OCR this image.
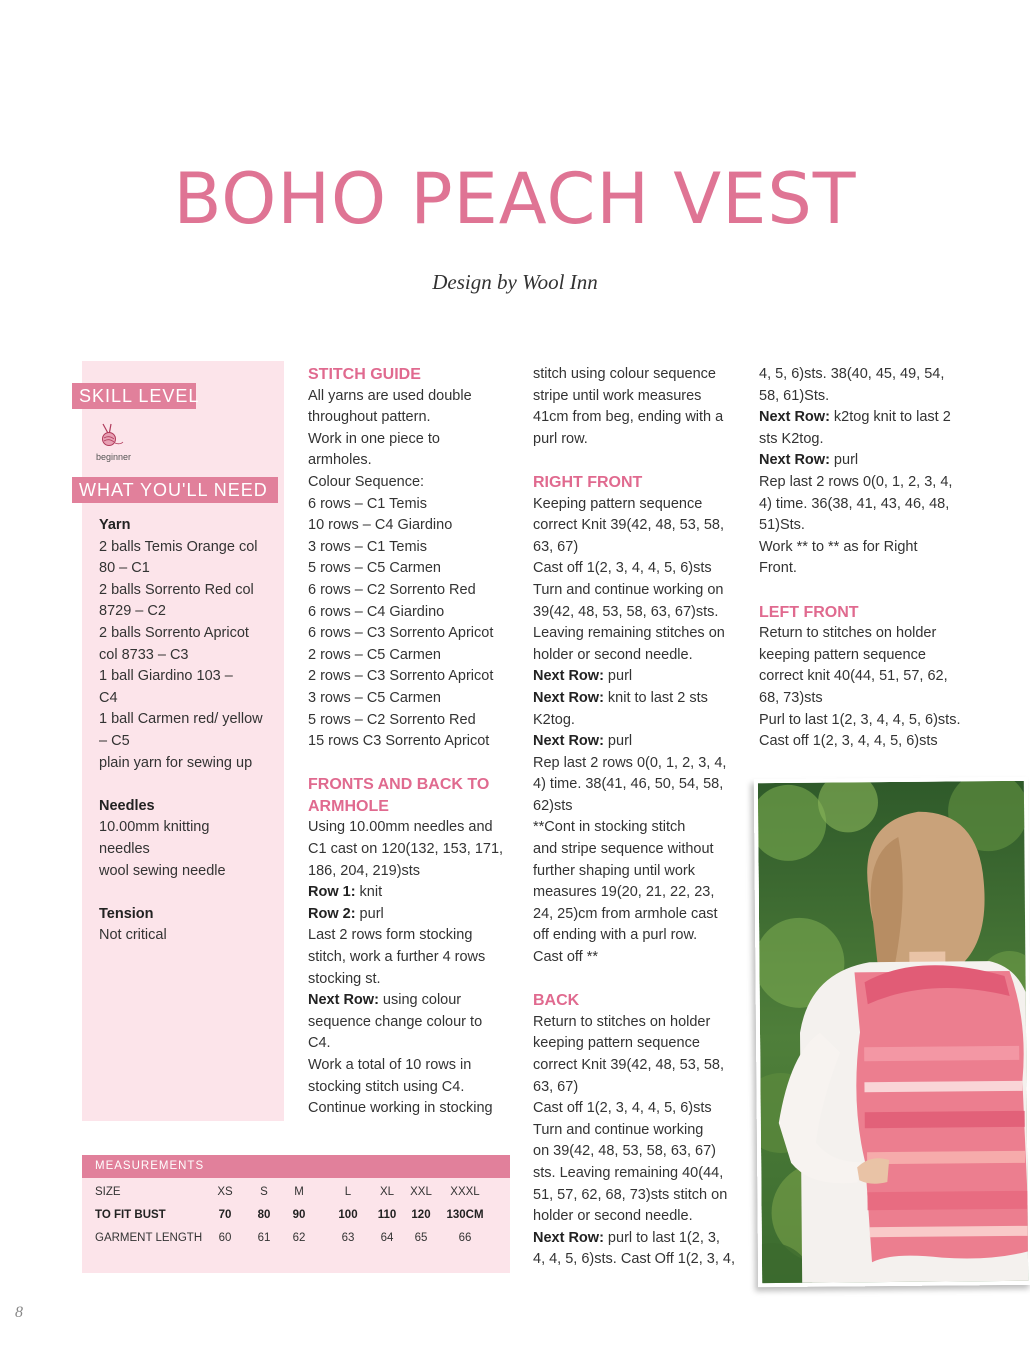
BOHO PEACH VEST
Design by Wool Inn
SKILL LEVEL
beginner
WHAT YOU'LL NEED
Yarn
2 balls Temis Orange col
80 – C1
2 balls Sorrento Red col
8729 – C2
2 balls Sorrento Apricot
col 8733 – C3
1 ball Giardino 103 –
C4
1 ball Carmen red/ yellow
– C5
plain yarn for sewing up
Needles
10.00mm knitting
needles
wool sewing needle
Tension
Not critical
STITCH GUIDE
All yarns are used double
throughout pattern.
Work in one piece to
armholes.
Colour Sequence:
6 rows – C1 Temis
10 rows – C4 Giardino
3 rows – C1 Temis
5 rows – C5 Carmen
6 rows – C2 Sorrento Red
6 rows – C4 Giardino
6 rows – C3 Sorrento Apricot
2 rows – C5 Carmen
2 rows – C3 Sorrento Apricot
3 rows – C5 Carmen
5 rows – C2 Sorrento Red
15 rows C3 Sorrento Apricot
FRONTS AND BACK TO
ARMHOLE
Using 10.00mm needles and
C1 cast on 120(132, 153, 171,
186, 204, 219)sts
Row 1: knit
Row 2: purl
Last 2 rows form stocking
stitch, work a further 4 rows
stocking st.
Next Row: using colour
sequence change colour to
C4.
Work a total of 10 rows in
stocking stitch using C4.
Continue working in stocking
stitch using colour sequence
stripe until work measures
41cm from beg, ending with a
purl row.
RIGHT FRONT
Keeping pattern sequence
correct Knit 39(42, 48, 53, 58,
63, 67)
Cast off 1(2, 3, 4, 4, 5, 6)sts
Turn and continue working on
39(42, 48, 53, 58, 63, 67)sts.
Leaving remaining stitches on
holder or second needle.
Next Row: purl
Next Row: knit to last 2 sts
K2tog.
Next Row: purl
Rep last 2 rows 0(0, 1, 2, 3, 4,
4) time. 38(41, 46, 50, 54, 58,
62)sts
**Cont in stocking stitch
and stripe sequence without
further shaping until work
measures 19(20, 21, 22, 23,
24, 25)cm from armhole cast
off ending with a purl row.
Cast off **
BACK
Return to stitches on holder
keeping pattern sequence
correct Knit 39(42, 48, 53, 58,
63, 67)
Cast off 1(2, 3, 4, 4, 5, 6)sts
Turn and continue working
on 39(42, 48, 53, 58, 63, 67)
sts. Leaving remaining 40(44,
51, 57, 62, 68, 73)sts stitch on
holder or second needle.
Next Row: purl to last 1(2, 3,
4, 4, 5, 6)sts. Cast Off 1(2, 3, 4,
4, 5, 6)sts. 38(40, 45, 49, 54,
58, 61)Sts.
Next Row: k2tog knit to last 2
sts K2tog.
Next Row: purl
Rep last 2 rows 0(0, 1, 2, 3, 4,
4) time. 36(38, 41, 43, 46, 48,
51)Sts.
Work ** to ** as for Right
Front.
LEFT FRONT
Return to stitches on holder
keeping pattern sequence
correct knit 40(44, 51, 57, 62,
68, 73)sts
Purl to last 1(2, 3, 4, 4, 5, 6)sts.
Cast off 1(2, 3, 4, 4, 5, 6)sts
MEASUREMENTS
SIZE	XS	S	M	L	XL	XXL	XXXL
TO FIT BUST	70	80	90	100	110	120	130CM
GARMENT LENGTH	60	61	62	63	64	65	66
8
